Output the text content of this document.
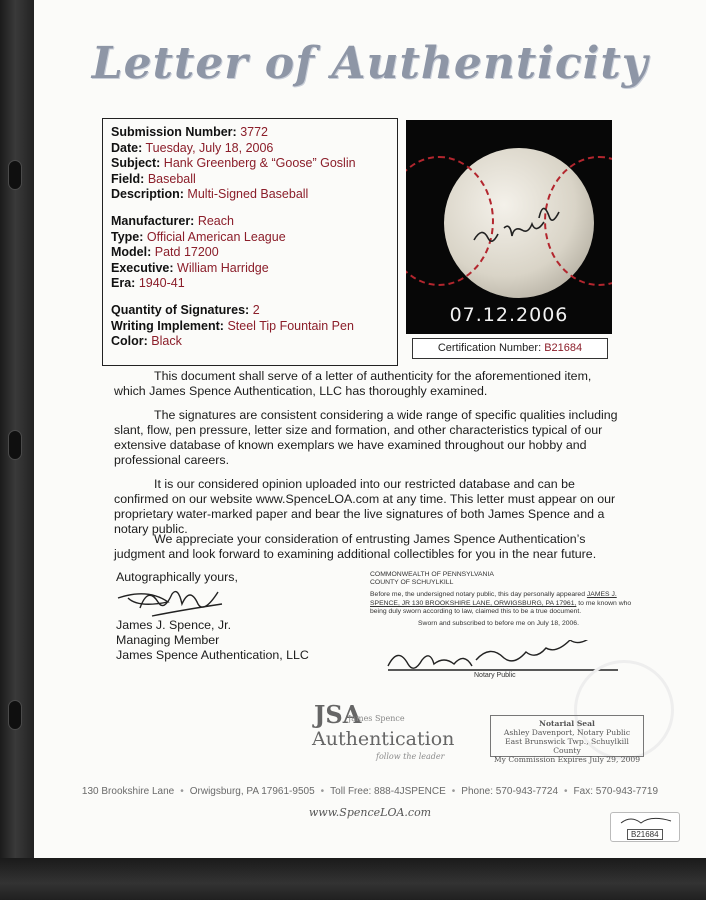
Letter of Authenticity
Submission Number: 3772
Date: Tuesday, July 18, 2006
Subject: Hank Greenberg & “Goose” Goslin
Field: Baseball
Description: Multi-Signed Baseball
Manufacturer: Reach
Type: Official American League
Model: Patd 17200
Executive: William Harridge
Era: 1940-41
Quantity of Signatures: 2
Writing Implement: Steel Tip Fountain Pen
Color: Black
07.12.2006
Certification Number: B21684

This document shall serve of a letter of authenticity for the aforementioned item, which James Spence Authentication, LLC has thoroughly examined.

The signatures are consistent considering a wide range of specific qualities including slant, flow, pen pressure, letter size and formation, and other characteristics typical of our extensive database of known exemplars we have examined throughout our hobby and professional careers.

It is our considered opinion uploaded into our restricted database and can be confirmed on our website www.SpenceLOA.com at any time. This letter must appear on our proprietary water-marked paper and bear the live signatures of both James Spence and a notary public.

We appreciate your consideration of entrusting James Spence Authentication’s judgment and look forward to examining additional collectibles for you in the near future.

Autographically yours,
James J. Spence, Jr.
Managing Member
James Spence Authentication, LLC
COMMONWEALTH OF PENNSYLVANIA
COUNTY OF SCHUYLKILL
Before me, the undersigned notary public, this day personally appeared JAMES J. SPENCE, JR 130 BROOKSHIRE LANE, ORWIGSBURG, PA 17961, to me known who being duly sworn according to law, claimed this to be a true document.
Sworn and subscribed to before me on July 18, 2006.
Notary Public
Notarial Seal
Ashley Davenport, Notary Public
East Brunswick Twp., Schuylkill County
My Commission Expires July 29, 2009
JSA
James Spence
Authentication
follow the leader
130 Brookshire Lane • Orwigsburg, PA 17961-9505 • Toll Free: 888-4JSPENCE • Phone: 570-943-7724 • Fax: 570-943-7719
www.SpenceLOA.com
B21684
